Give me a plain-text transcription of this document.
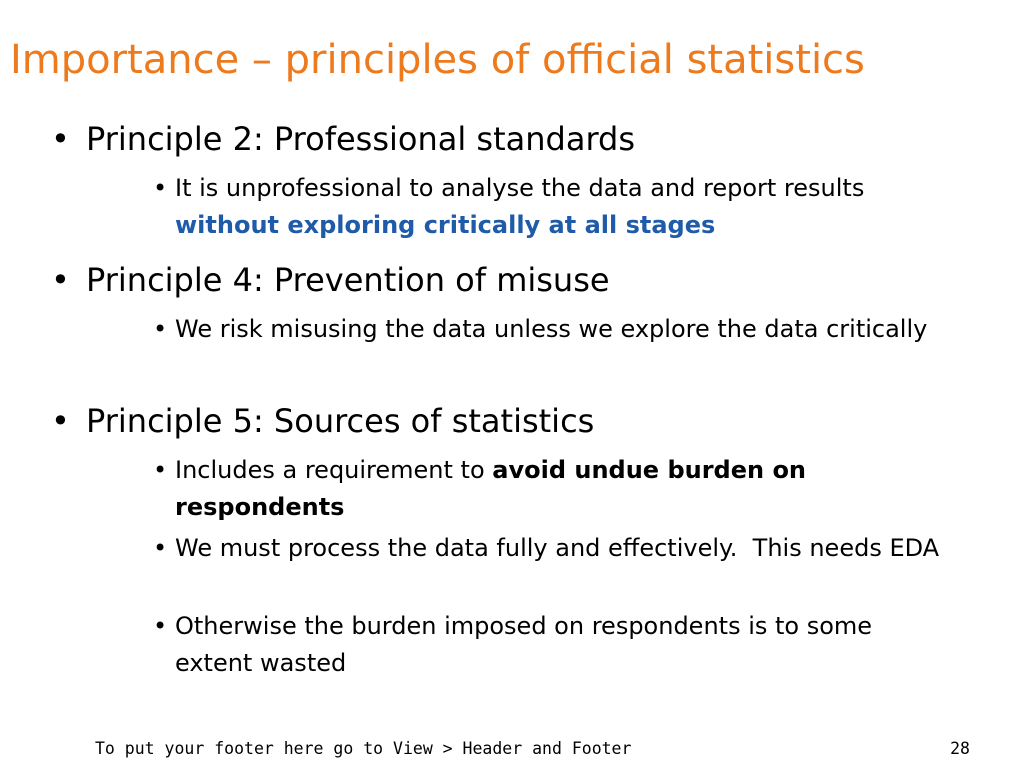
Importance – principles of official statistics
• Principle 2: Professional standards
• It is unprofessional to analyse the data and report results without exploring critically at all stages
• Principle 4: Prevention of misuse
• We risk misusing the data unless we explore the data critically
• Principle 5: Sources of statistics
• Includes a requirement to avoid undue burden on respondents
• We must process the data fully and effectively.  This needs EDA
• Otherwise the burden imposed on respondents is to some extent wasted
To put your footer here go to View > Header and Footer	28
